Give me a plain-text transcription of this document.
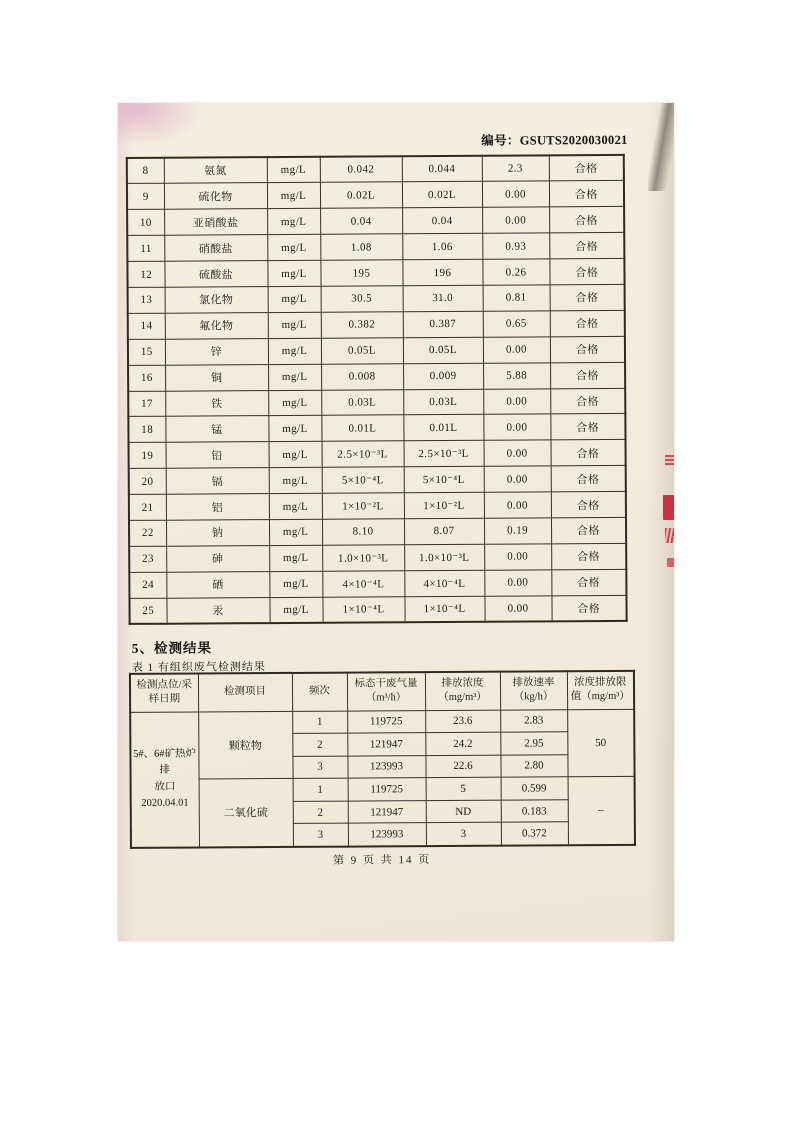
编号：GSUTS2020030021
8	氨氮	mg/L	0.042	0.044	2.3	合格
9	硫化物	mg/L	0.02L	0.02L	0.00	合格
10	亚硝酸盐	mg/L	0.04	0.04	0.00	合格
11	硝酸盐	mg/L	1.08	1.06	0.93	合格
12	硫酸盐	mg/L	195	196	0.26	合格
13	氯化物	mg/L	30.5	31.0	0.81	合格
14	氟化物	mg/L	0.382	0.387	0.65	合格
15	锌	mg/L	0.05L	0.05L	0.00	合格
16	铜	mg/L	0.008	0.009	5.88	合格
17	铁	mg/L	0.03L	0.03L	0.00	合格
18	锰	mg/L	0.01L	0.01L	0.00	合格
19	铅	mg/L	2.5×10⁻³L	2.5×10⁻³L	0.00	合格
20	镉	mg/L	5×10⁻⁴L	5×10⁻⁴L	0.00	合格
21	铝	mg/L	1×10⁻²L	1×10⁻²L	0.00	合格
22	钠	mg/L	8.10	8.07	0.19	合格
23	砷	mg/L	1.0×10⁻³L	1.0×10⁻³L	0.00	合格
24	硒	mg/L	4×10⁻⁴L	4×10⁻⁴L	0.00	合格
25	汞	mg/L	1×10⁻⁴L	1×10⁻⁴L	0.00	合格
5、检测结果
表 1 有组织废气检测结果
检测点位/采样日期	检测项目	频次	标态干废气量（m³/h）	排放浓度（mg/m³）	排放速率（kg/h）	浓度排放限值（mg/m³）

5#、6#矿热炉排
放口
2020.04.01	颗粒物	1	119725	23.6	2.83	50
		2	121947	24.2	2.95	
		3	123993	22.6	2.80	
	二氧化硫	1	119725	5	0.599	–
		2	121947	ND	0.183	
		3	123993	3	0.372	
第 9 页 共 14 页
